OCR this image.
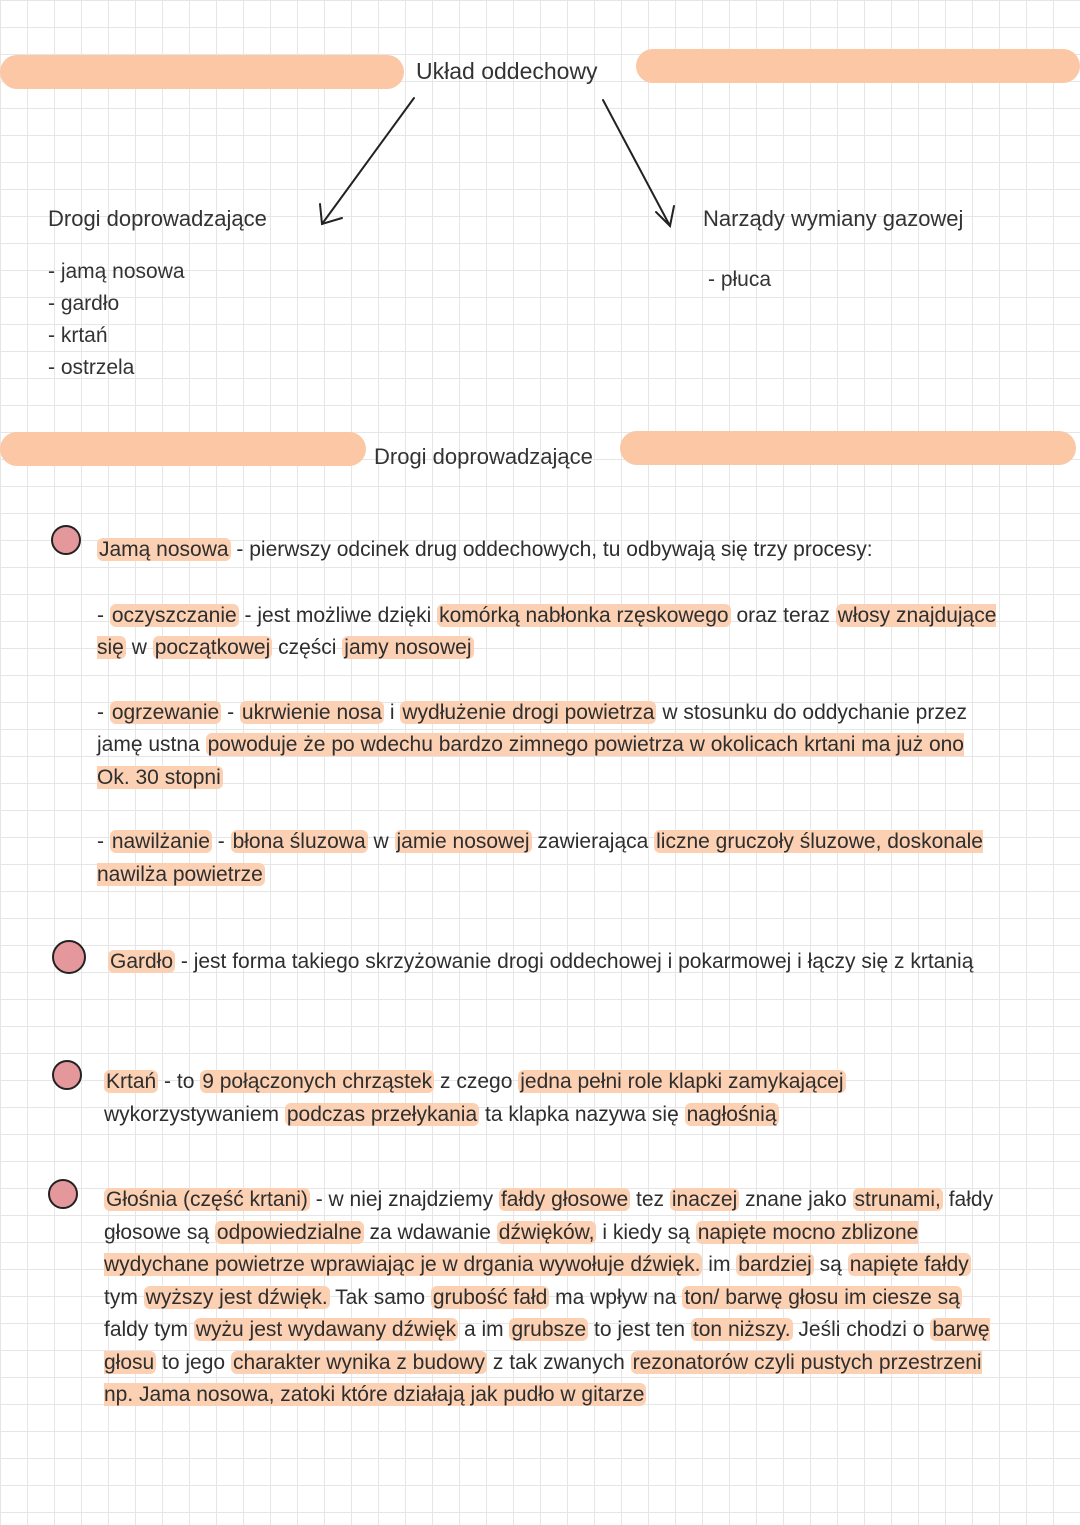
Układ oddechowy
Drogi doprowadzające
- jamą nosowa
- gardło
- krtań
- ostrzela
Narządy wymiany gazowej
- płuca
Drogi doprowadzające

Jamą nosowa - pierwszy odcinek drug oddechowych, tu odbywają się trzy procesy:

- oczyszczanie - jest możliwe dzięki komórką nabłonka rzęskowego oraz teraz włosy znajdujące się w początkowej części jamy nosowej

- ogrzewanie - ukrwienie nosa i wydłużenie drogi powietrza w stosunku do oddychanie przez jamę ustna powoduje że po wdechu bardzo zimnego powietrza w okolicach krtani ma już ono Ok. 30 stopni

- nawilżanie - błona śluzowa w jamie nosowej zawierająca liczne gruczoły śluzowe, doskonale nawilża powietrze

Gardło - jest forma takiego skrzyżowanie drogi oddechowej i pokarmowej i łączy się z krtanią
Krtań - to 9 połączonych chrząstek z czego jedna pełni role klapki zamykającej wykorzystywaniem podczas przełykania ta klapka nazywa się nagłośnią
Głośnia (część krtani) - w niej znajdziemy fałdy głosowe tez inaczej znane jako strunami, fałdy głosowe są odpowiedzialne za wdawanie dźwięków, i kiedy są napięte mocno zblizone wydychane powietrze wprawiając je w drgania wywołuje dźwięk. im bardziej są napięte fałdy tym wyższy jest dźwięk. Tak samo grubość fałd ma wpływ na ton/ barwę głosu im ciesze są faldy tym wyżu jest wydawany dźwięk a im grubsze to jest ten ton niższy. Jeśli chodzi o barwę głosu to jego charakter wynika z budowy z tak zwanych rezonatorów czyli pustych przestrzeni np. Jama nosowa, zatoki które działają jak pudło w gitarze
